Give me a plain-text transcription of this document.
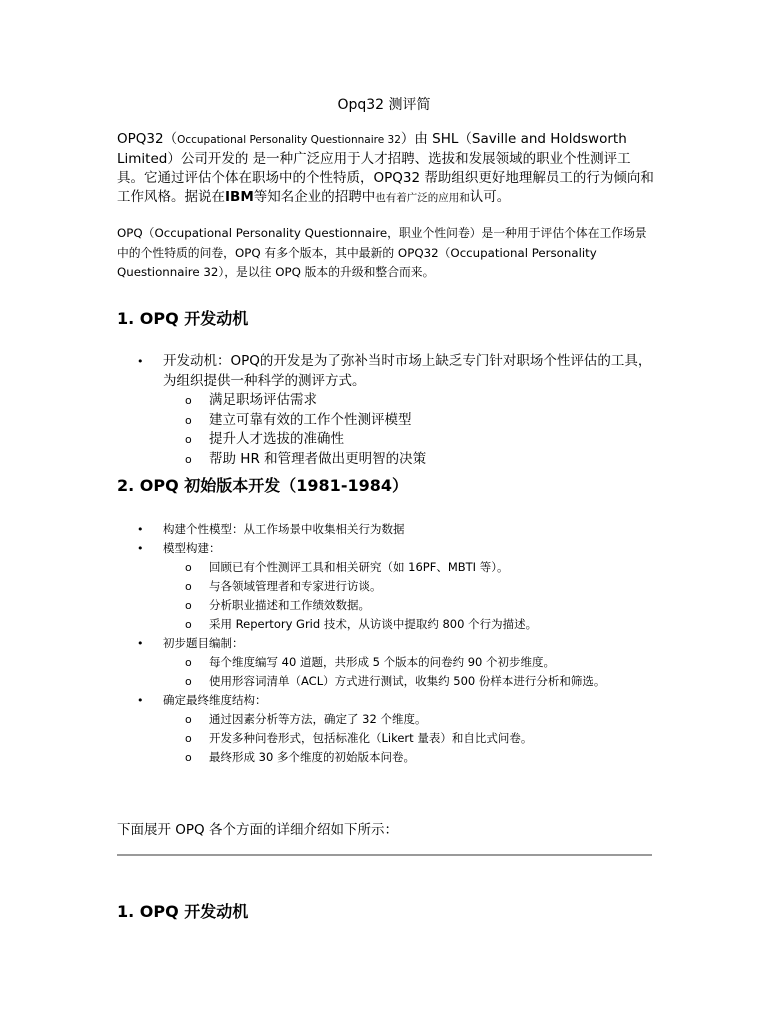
Opq32 测评简
OPQ32（Occupational Personality Questionnaire 32）由 SHL（Saville and Holdsworth Limited）公司开发的 是一种广泛应用于人才招聘、选拔和发展领域的职业个性测评工具。它通过评估个体在职场中的个性特质，OPQ32 帮助组织更好地理解员工的行为倾向和工作风格。据说在IBM等知名企业的招聘中也有着广泛的应用和认可。
OPQ（Occupational Personality Questionnaire，职业个性问卷）是一种用于评估个体在工作场景中的个性特质的问卷，OPQ 有多个版本，其中最新的 OPQ32（Occupational Personality Questionnaire 32），是以往 OPQ 版本的升级和整合而来。
1. OPQ 开发动机
• 开发动机：OPQ的开发是为了弥补当时市场上缺乏专门针对职场个性评估的工具，为组织提供一种科学的测评方式。
o 满足职场评估需求
o 建立可靠有效的工作个性测评模型
o 提升人才选拔的准确性
o 帮助 HR 和管理者做出更明智的决策
2. OPQ 初始版本开发（1981-1984）
• 构建个性模型：从工作场景中收集相关行为数据
• 模型构建：
o 回顾已有个性测评工具和相关研究（如 16PF、MBTI 等）。
o 与各领域管理者和专家进行访谈。
o 分析职业描述和工作绩效数据。
o 采用 Repertory Grid 技术，从访谈中提取约 800 个行为描述。
• 初步题目编制：
o 每个维度编写 40 道题，共形成 5 个版本的问卷约 90 个初步维度。
o 使用形容词清单（ACL）方式进行测试，收集约 500 份样本进行分析和筛选。
• 确定最终维度结构：
o 通过因素分析等方法，确定了 32 个维度。
o 开发多种问卷形式，包括标准化（Likert 量表）和自比式问卷。
o 最终形成 30 多个维度的初始版本问卷。
下面展开 OPQ 各个方面的详细介绍如下所示：
1. OPQ 开发动机
